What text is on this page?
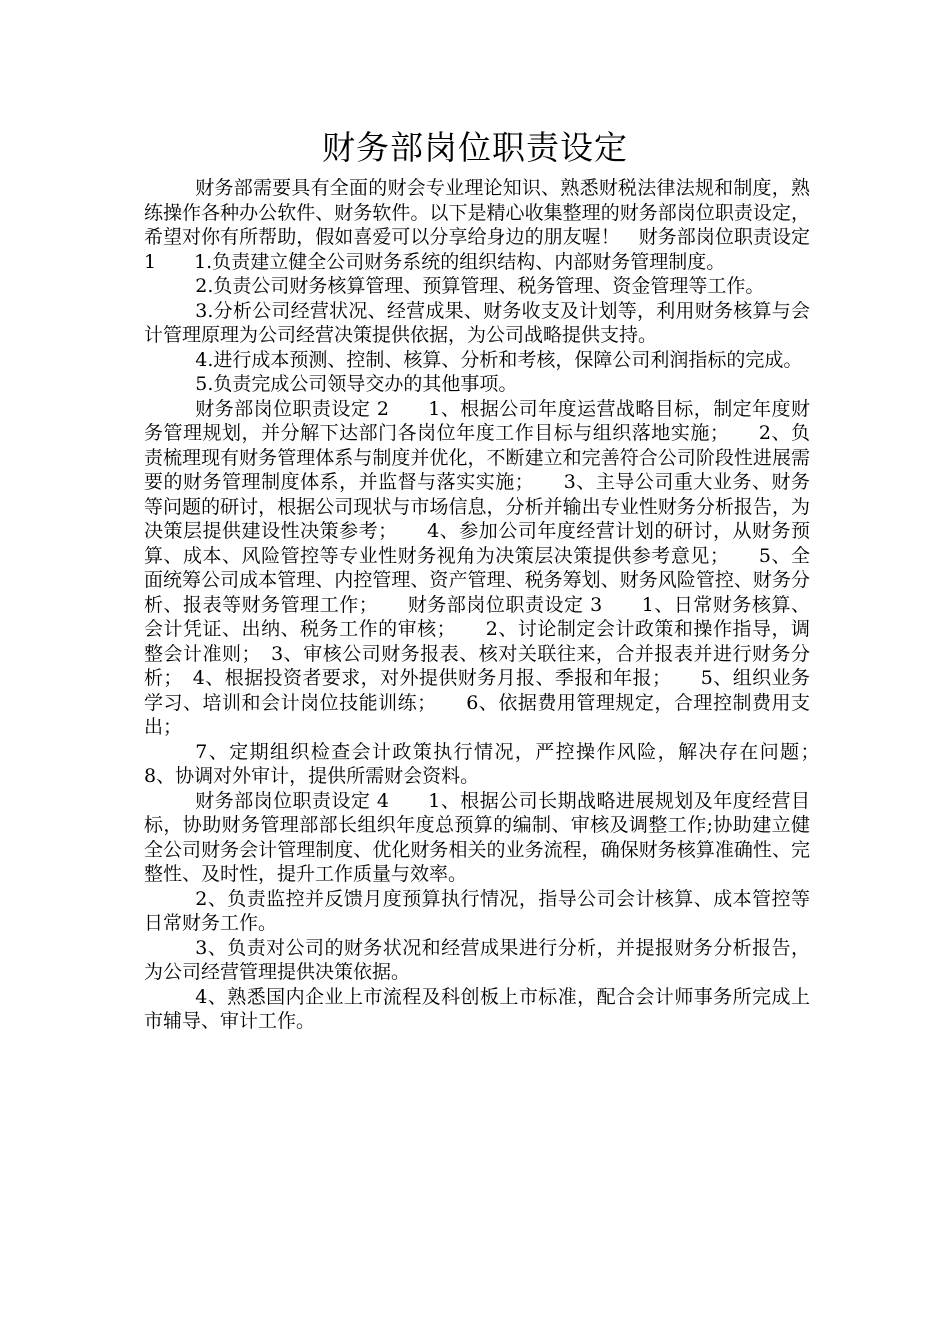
财务部岗位职责设定

财务部需要具有全面的财会专业理论知识、熟悉财税法律法规和制度，熟练操作各种办公软件、财务软件。以下是精心收集整理的财务部岗位职责设定，希望对你有所帮助，假如喜爱可以分享给身边的朋友喔！　财务部岗位职责设定 1　　1.负责建立健全公司财务系统的组织结构、内部财务管理制度。

2.负责公司财务核算管理、预算管理、税务管理、资金管理等工作。

3.分析公司经营状况、经营成果、财务收支及计划等，利用财务核算与会计管理原理为公司经营决策提供依据，为公司战略提供支持。

4.进行成本预测、控制、核算、分析和考核，保障公司利润指标的完成。

5.负责完成公司领导交办的其他事项。

财务部岗位职责设定 2　　1、根据公司年度运营战略目标，制定年度财务管理规划，并分解下达部门各岗位年度工作目标与组织落地实施；　　2、负责梳理现有财务管理体系与制度并优化，不断建立和完善符合公司阶段性进展需要的财务管理制度体系，并监督与落实实施；　　3、主导公司重大业务、财务等问题的研讨，根据公司现状与市场信息，分析并输出专业性财务分析报告，为决策层提供建设性决策参考；　　4、参加公司年度经营计划的研讨，从财务预算、成本、风险管控等专业性财务视角为决策层决策提供参考意见；　　5、全面统筹公司成本管理、内控管理、资产管理、税务筹划、财务风险管控、财务分析、报表等财务管理工作；　　财务部岗位职责设定 3　　1、日常财务核算、会计凭证、出纳、税务工作的审核；　　2、讨论制定会计政策和操作指导，调整会计准则；　3、审核公司财务报表、核对关联往来，合并报表并进行财务分析；　4、根据投资者要求，对外提供财务月报、季报和年报；　　5、组织业务学习、培训和会计岗位技能训练；　　6、依据费用管理规定，合理控制费用支出；

7、定期组织检查会计政策执行情况，严控操作风险，解决存在问题；　　8、协调对外审计，提供所需财会资料。

财务部岗位职责设定 4　　1、根据公司长期战略进展规划及年度经营目标，协助财务管理部部长组织年度总预算的编制、审核及调整工作;协助建立健全公司财务会计管理制度、优化财务相关的业务流程，确保财务核算准确性、完整性、及时性，提升工作质量与效率。

2、负责监控并反馈月度预算执行情况，指导公司会计核算、成本管控等日常财务工作。

3、负责对公司的财务状况和经营成果进行分析，并提报财务分析报告，为公司经营管理提供决策依据。

4、熟悉国内企业上市流程及科创板上市标准，配合会计师事务所完成上市辅导、审计工作。
